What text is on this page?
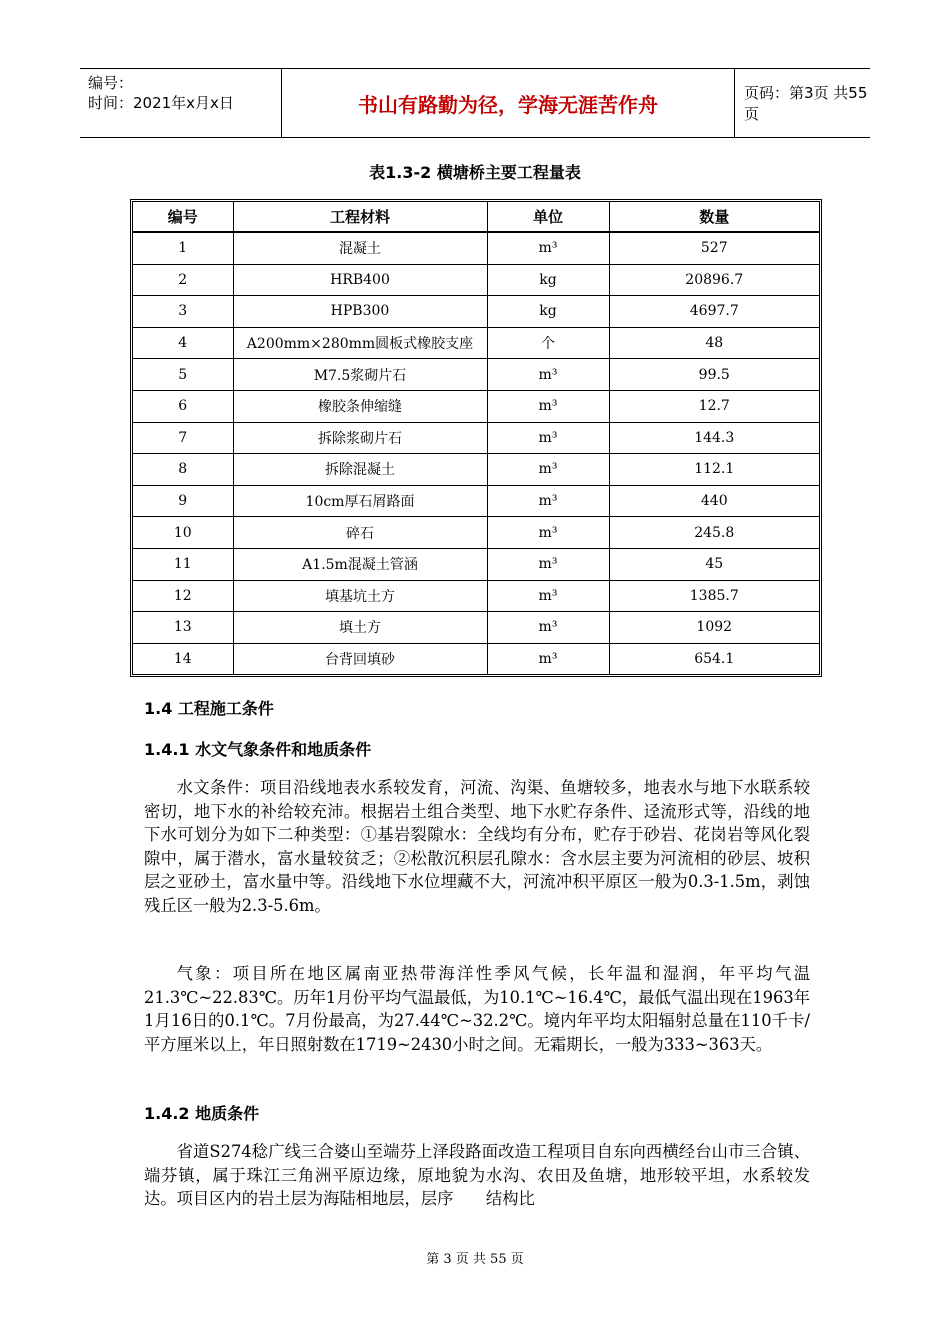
编号：
时间：2021年x月x日	书山有路勤为径，学海无涯苦作舟	页码：第3页 共55页
表1.3-2 横塘桥主要工程量表
编号	工程材料	单位	数量
1	混凝土	m³	527
2	HRB400	kg	20896.7
3	HPB300	kg	4697.7
4	A200mm×280mm圆板式橡胶支座	个	48
5	M7.5浆砌片石	m³	99.5
6	橡胶条伸缩缝	m³	12.7
7	拆除浆砌片石	m³	144.3
8	拆除混凝土	m³	112.1
9	10cm厚石屑路面	m³	440
10	碎石	m³	245.8
11	A1.5m混凝土管涵	m³	45
12	填基坑土方	m³	1385.7
13	填土方	m³	1092
14	台背回填砂	m³	654.1
1.4 工程施工条件
1.4.1 水文气象条件和地质条件

水文条件：项目沿线地表水系较发育，河流、沟渠、鱼塘较多，地表水与地下水联系较密切，地下水的补给较充沛。根据岩土组合类型、地下水贮存条件、迳流形式等，沿线的地下水可划分为如下二种类型：①基岩裂隙水：全线均有分布，贮存于砂岩、花岗岩等风化裂隙中，属于潜水，富水量较贫乏；②松散沉积层孔隙水：含水层主要为河流相的砂层、坡积层之亚砂土，富水量中等。沿线地下水位埋藏不大，河流冲积平原区一般为0.3-1.5m，剥蚀残丘区一般为2.3-5.6m。

气象：项目所在地区属南亚热带海洋性季风气候，长年温和湿润，年平均气温21.3℃~22.83℃。历年1月份平均气温最低，为10.1℃~16.4℃，最低气温出现在1963年1月16日的0.1℃。7月份最高，为27.44℃~32.2℃。境内年平均太阳辐射总量在110千卡/平方厘米以上，年日照射数在1719~2430小时之间。无霜期长，一般为333~363天。

1.4.2 地质条件

省道S274稔广线三合婆山至端芬上泽段路面改造工程项目自东向西横经台山市三合镇、端芬镇，属于珠江三角洲平原边缘，原地貌为水沟、农田及鱼塘，地形较平坦，水系较发达。项目区内的岩土层为海陆相地层，层序　　结构比

第 3 页 共 55 页
